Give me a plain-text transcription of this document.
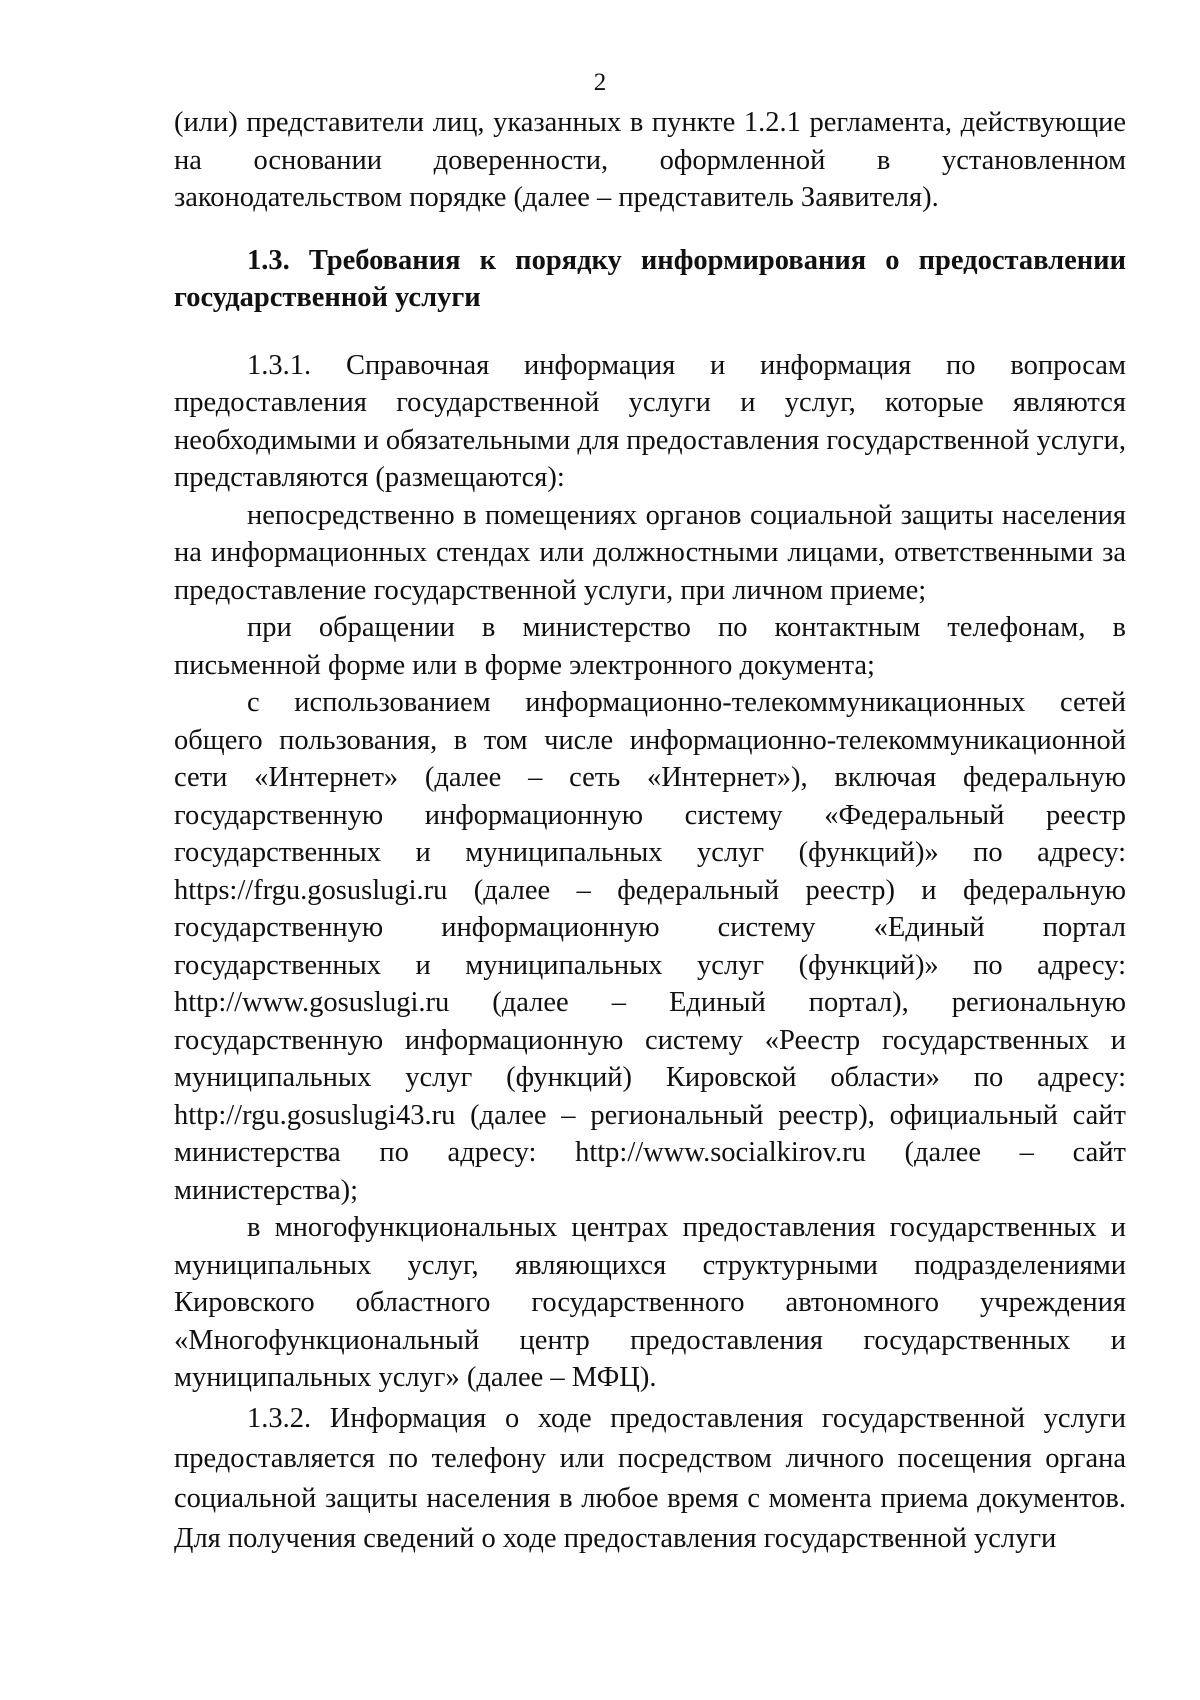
2

(или) представители лиц, указанных в пункте 1.2.1 регламента, действующие на основании доверенности, оформленной в установленном законодательством порядке (далее – представитель Заявителя).

1.3. Требования к порядку информирования о предоставлении государственной услуги

1.3.1. Справочная информация и информация по вопросам предоставления государственной услуги и услуг, которые являются необходимыми и обязательными для предоставления государственной услуги, представляются (размещаются):

непосредственно в помещениях органов социальной защиты населения на информационных стендах или должностными лицами, ответственными за предоставление государственной услуги, при личном приеме;

при обращении в министерство по контактным телефонам, в письменной форме или в форме электронного документа;

с использованием информационно-телекоммуникационных сетей общего пользования, в том числе информационно-телекоммуникационной сети «Интернет» (далее – сеть «Интернет»), включая федеральную государственную информационную систему «Федеральный реестр государственных и муниципальных услуг (функций)» по адресу: https://frgu.gosuslugi.ru (далее – федеральный реестр) и федеральную государственную информационную систему «Единый портал государственных и муниципальных услуг (функций)» по адресу: http://www.gosuslugi.ru (далее – Единый портал), региональную государственную информационную систему «Реестр государственных и муниципальных услуг (функций) Кировской области» по адресу: http://rgu.gosuslugi43.ru (далее – региональный реестр), официальный сайт министерства по адресу: http://www.socialkirov.ru (далее – сайт министерства);

в многофункциональных центрах предоставления государственных и муниципальных услуг, являющихся структурными подразделениями Кировского областного государственного автономного учреждения «Многофункциональный центр предоставления государственных и муниципальных услуг» (далее – МФЦ).

1.3.2. Информация о ходе предоставления государственной услуги предоставляется по телефону или посредством личного посещения органа социальной защиты населения в любое время с момента приема документов. Для получения сведений о ходе предоставления государственной услуги
